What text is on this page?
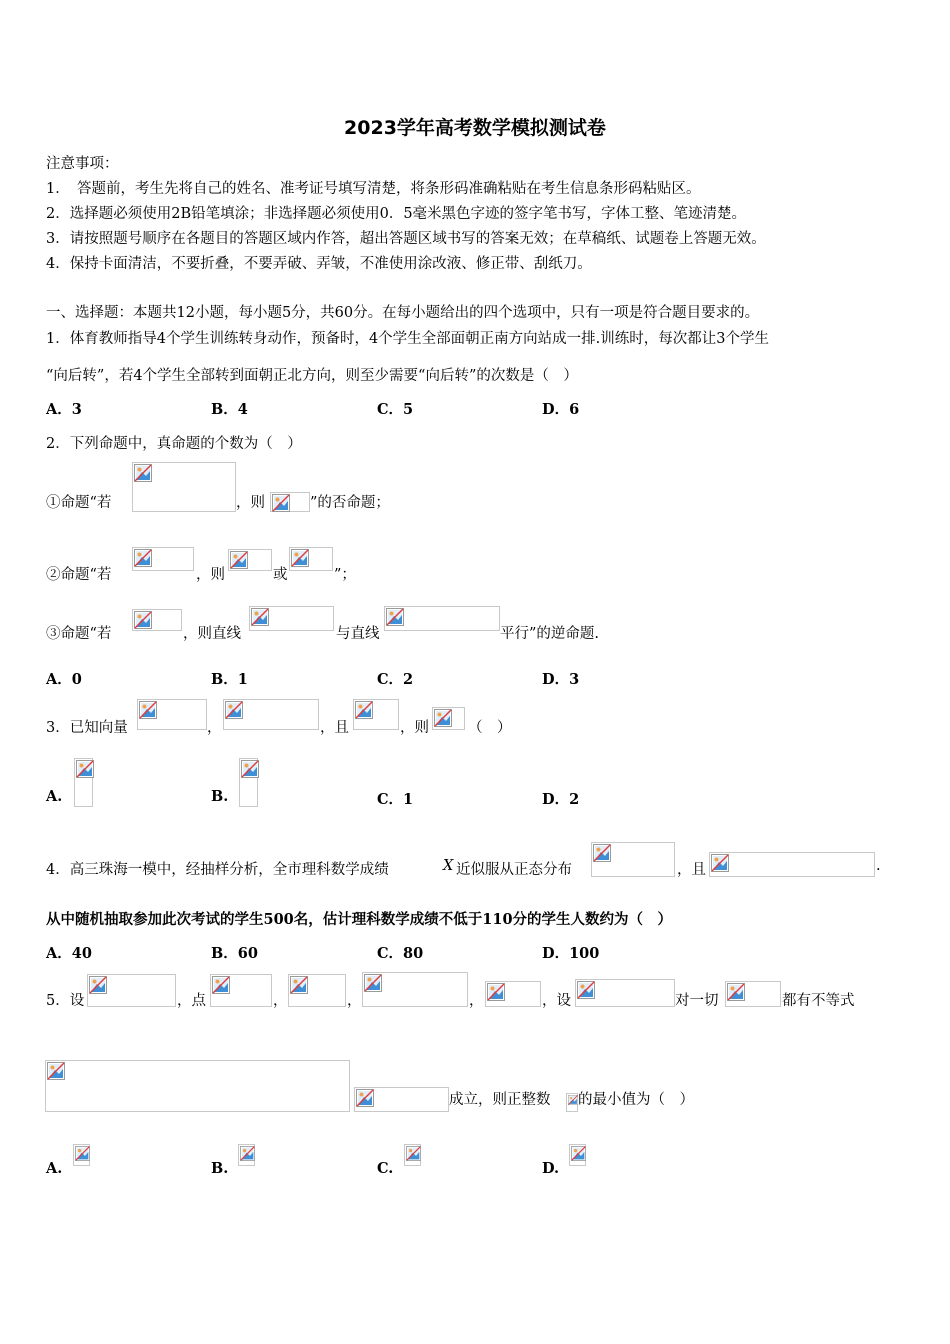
2023学年高考数学模拟测试卷
注意事项：
1．　答题前，考生先将自己的姓名、准考证号填写清楚，将条形码准确粘贴在考生信息条形码粘贴区。
2．选择题必须使用2B铅笔填涂；非选择题必须使用0．5毫米黑色字迹的签字笔书写，字体工整、笔迹清楚。
3．请按照题号顺序在各题目的答题区域内作答，超出答题区域书写的答案无效；在草稿纸、试题卷上答题无效。
4．保持卡面清洁，不要折叠，不要弄破、弄皱，不准使用涂改液、修正带、刮纸刀。
一、选择题：本题共12小题，每小题5分，共60分。在每小题给出的四个选项中，只有一项是符合题目要求的。
1．体育教师指导4个学生训练转身动作，预备时，4个学生全部面朝正南方向站成一排.训练时，每次都让3个学生
“向后转”，若4个学生全部转到面朝正北方向，则至少需要“向后转”的次数是（　）
A．3	B．4	C．5	D．6
2．下列命题中，真命题的个数为（　）
①命题“若	，则	”的否命题；
②命题“若	，则	或	”；
③命题“若	，则直线	与直线	平行”的逆命题.
A．0	B．1	C．2	D．3
3．已知向量	，	，且	，则	（　）
A.	B.	C．1	D．2
4．高三珠海一模中，经抽样分析，全市理科数学成绩	X 近似服从正态分布	，且	.
从中随机抽取参加此次考试的学生500名，估计理科数学成绩不低于110分的学生人数约为（　）
A．40	B．60	C．80	D．100
5．设	，点	，	，	，	，设	对一切	都有不等式
成立，则正整数 的最小值为（　）
A.	B.	C.	D.
